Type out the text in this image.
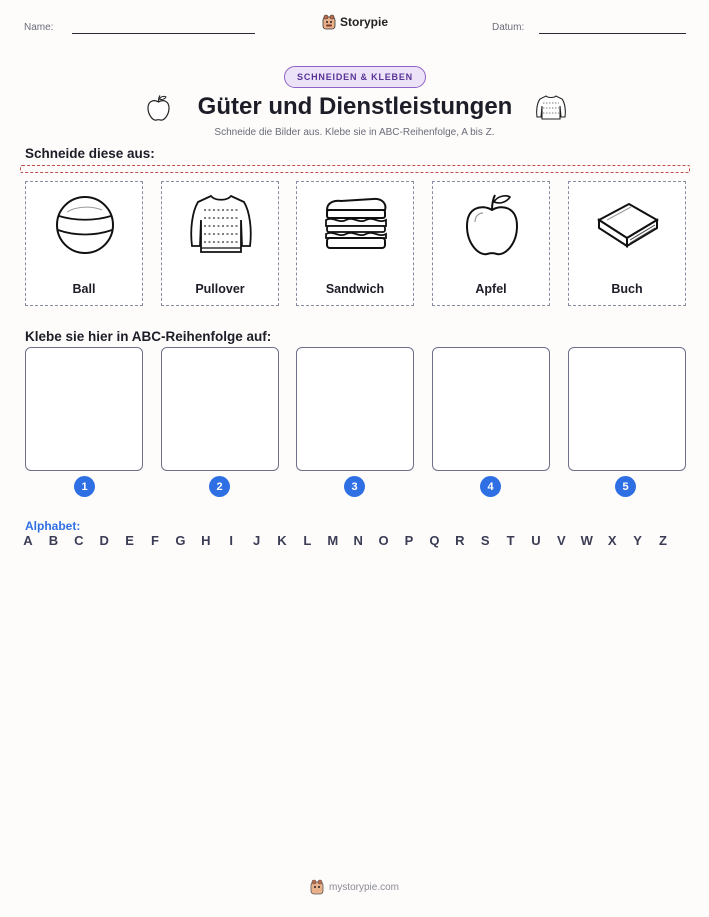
Name:	Storypie	Datum:
SCHNEIDEN & KLEBEN
Güter und Dienstleistungen
Schneide die Bilder aus. Klebe sie in ABC-Reihenfolge, A bis Z.
Schneide diese aus:
Ball	Pullover	Sandwich	Apfel	Buch
Klebe sie hier in ABC-Reihenfolge auf:
1	2	3	4	5
Alphabet:
A	B	C	D	E	F	G	H	I	J	K	L	M	N	O	P	Q	R	S	T	U	V	W	X	Y	Z
mystorypie.com
